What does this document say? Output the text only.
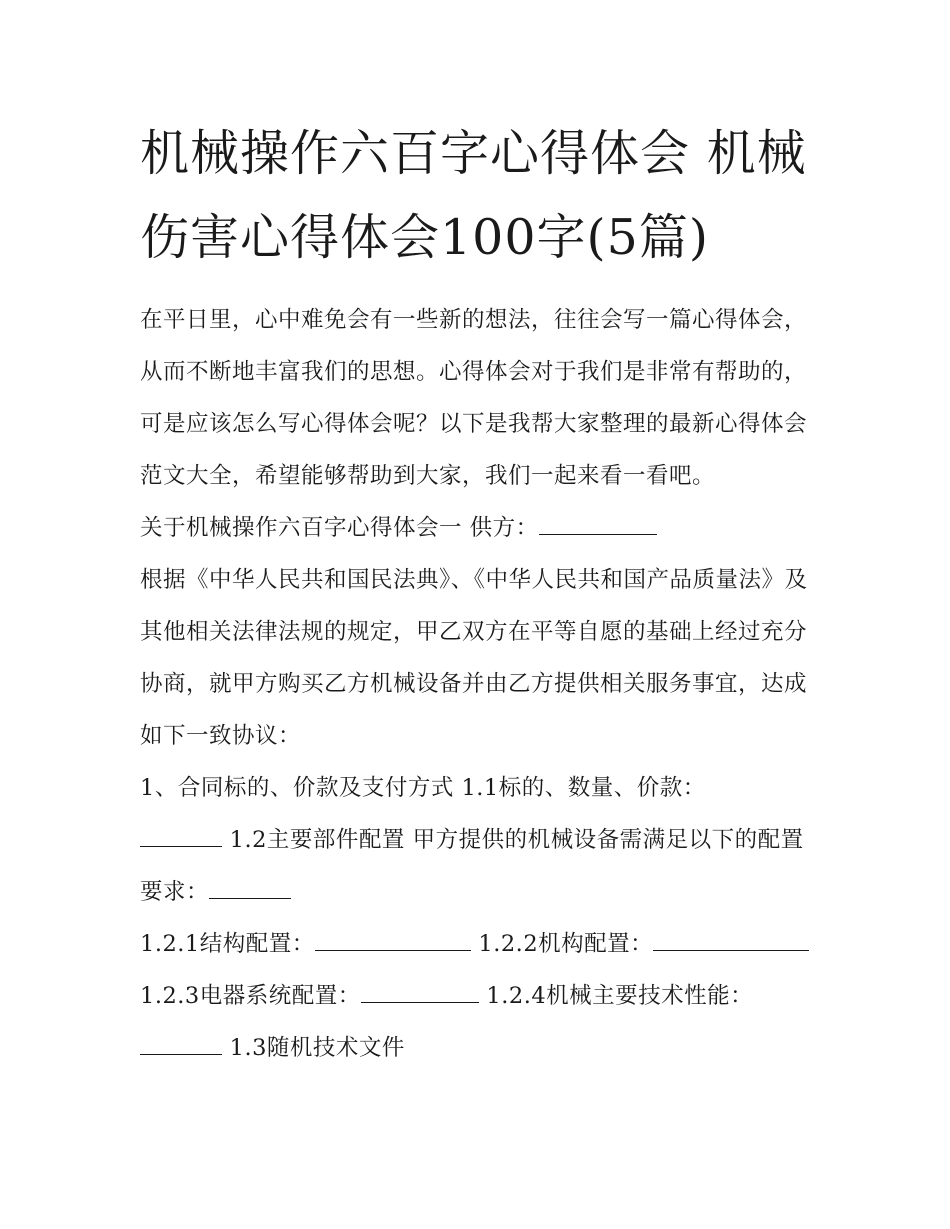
机械操作六百字心得体会 机械伤害心得体会100字(5篇)

在平日里，心中难免会有一些新的想法，往往会写一篇心得体会，从而不断地丰富我们的思想。心得体会对于我们是非常有帮助的，可是应该怎么写心得体会呢？以下是我帮大家整理的最新心得体会范文大全，希望能够帮助到大家，我们一起来看一看吧。

关于机械操作六百字心得体会一 供方：

根据《中华人民共和国民法典》、《中华人民共和国产品质量法》及其他相关法律法规的规定，甲乙双方在平等自愿的基础上经过充分协商，就甲方购买乙方机械设备并由乙方提供相关服务事宜，达成如下一致协议：

1、合同标的、价款及支付方式 1.1标的、数量、价款：

1.2主要部件配置 甲方提供的机械设备需满足以下的配置要求：

1.2.1结构配置：	1.2.2机构配置：

1.2.3电器系统配置：	1.2.4机械主要技术性能：

1.3随机技术文件
